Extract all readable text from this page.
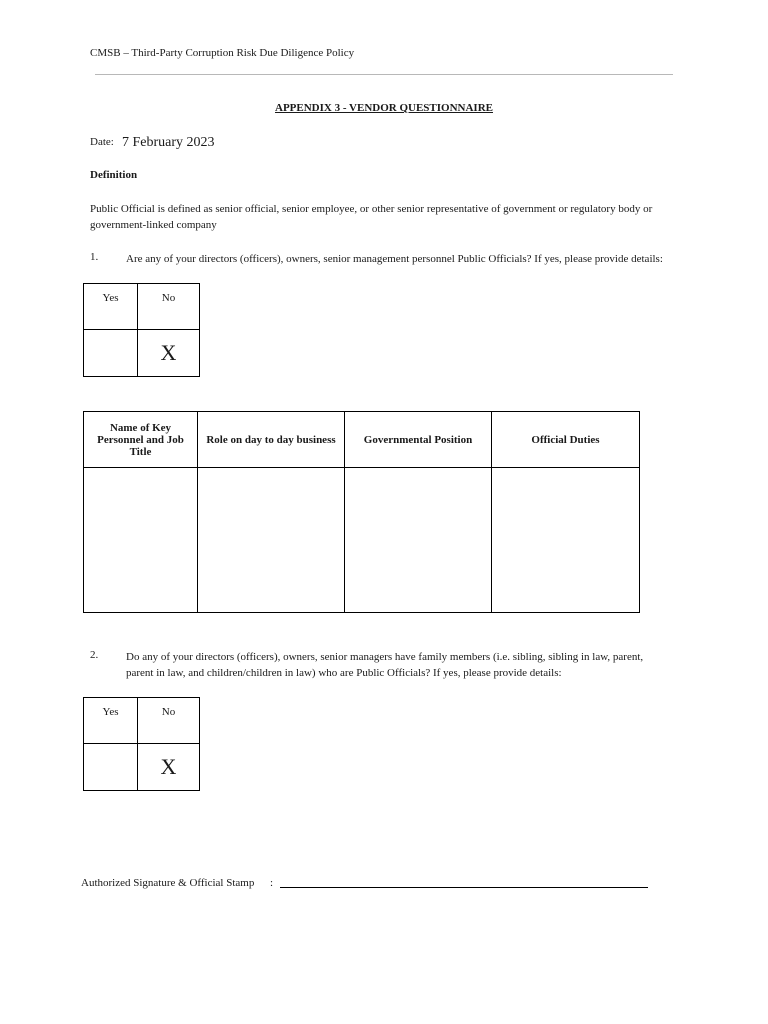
CMSB – Third-Party Corruption Risk Due Diligence Policy
APPENDIX 3 - VENDOR QUESTIONNAIRE
Date: 7 February 2023
Definition
Public Official is defined as senior official, senior employee, or other senior representative of government or regulatory body or government-linked company
1.	Are any of your directors (officers), owners, senior management personnel Public Officials? If yes, please provide details:
Yes	No
	X
Name of Key Personnel and Job Title	Role on day to day business	Governmental Position	Official Duties

2.	Do any of your directors (officers), owners, senior managers have family members (i.e. sibling, sibling in law, parent, parent in law, and children/children in law) who are Public Officials? If yes, please provide details:
Yes	No
	X
Authorized Signature & Official Stamp :
